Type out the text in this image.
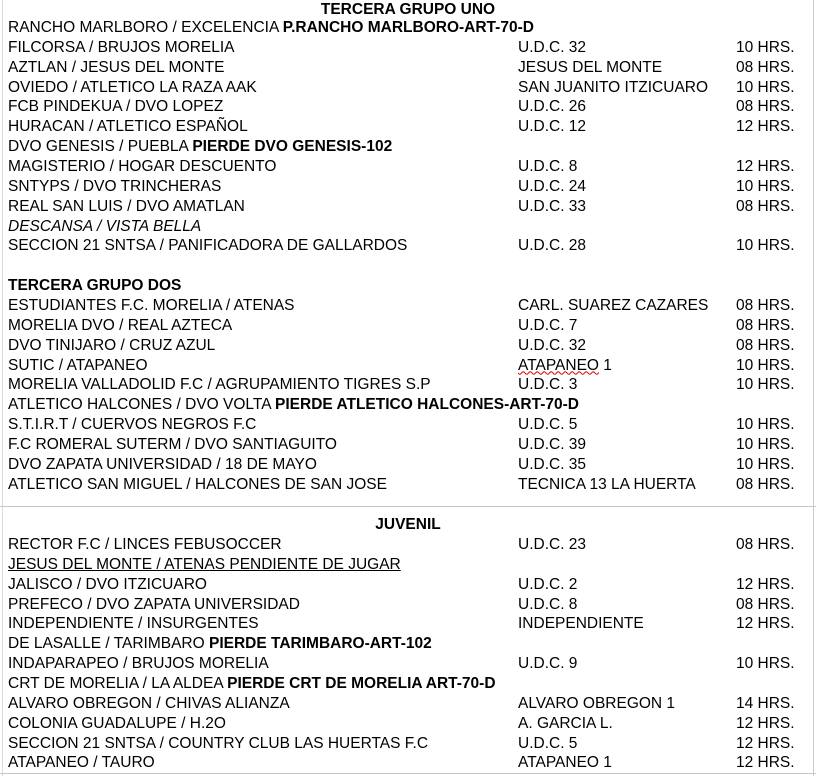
TERCERA GRUPO UNO
RANCHO MARLBORO / EXCELENCIA P.RANCHO MARLBORO-ART-70-D
FILCORSA / BRUJOS MORELIA	U.D.C. 32	10 HRS.
AZTLAN / JESUS DEL MONTE	JESUS DEL MONTE	08 HRS.
OVIEDO / ATLETICO LA RAZA AAK	SAN JUANITO ITZICUARO 10 HRS.
FCB PINDEKUA / DVO LOPEZ	U.D.C. 26	08 HRS.
HURACAN / ATLETICO ESPAÑOL	U.D.C. 12	12 HRS.
DVO GENESIS / PUEBLA PIERDE DVO GENESIS-102
MAGISTERIO / HOGAR DESCUENTO	U.D.C. 8	12 HRS.
SNTYPS / DVO TRINCHERAS	U.D.C. 24	10 HRS.
REAL SAN LUIS / DVO AMATLAN	U.D.C. 33	08 HRS.
DESCANSA / VISTA BELLA
SECCION 21 SNTSA / PANIFICADORA DE GALLARDOS	U.D.C. 28	10 HRS.
TERCERA GRUPO DOS
ESTUDIANTES F.C. MORELIA / ATENAS	CARL. SUAREZ CAZARES 08 HRS.
MORELIA DVO / REAL AZTECA	U.D.C. 7	08 HRS.
DVO TINIJARO / CRUZ AZUL	U.D.C. 32	08 HRS.
SUTIC / ATAPANEO	ATAPANEO 1	10 HRS.
MORELIA VALLADOLID F.C / AGRUPAMIENTO TIGRES S.P	U.D.C. 3	10 HRS.
ATLETICO HALCONES / DVO VOLTA PIERDE ATLETICO HALCONES-ART-70-D
S.T.I.R.T / CUERVOS NEGROS F.C	U.D.C. 5	10 HRS.
F.C ROMERAL SUTERM / DVO SANTIAGUITO	U.D.C. 39	10 HRS.
DVO ZAPATA UNIVERSIDAD / 18 DE MAYO	U.D.C. 35	10 HRS.
ATLETICO SAN MIGUEL / HALCONES DE SAN JOSE	TECNICA 13 LA HUERTA	08 HRS.
JUVENIL
RECTOR F.C / LINCES FEBUSOCCER	U.D.C. 23	08 HRS.
JESUS DEL MONTE / ATENAS PENDIENTE DE JUGAR
JALISCO / DVO ITZICUARO	U.D.C. 2	12 HRS.
PREFECO / DVO ZAPATA UNIVERSIDAD	U.D.C. 8	08 HRS.
INDEPENDIENTE / INSURGENTES	INDEPENDIENTE	12 HRS.
DE LASALLE / TARIMBARO PIERDE TARIMBARO-ART-102
INDAPARAPEO / BRUJOS MORELIA	U.D.C. 9	10 HRS.
CRT DE MORELIA / LA ALDEA PIERDE CRT DE MORELIA ART-70-D
ALVARO OBREGON / CHIVAS ALIANZA	ALVARO OBREGON 1	14 HRS.
COLONIA GUADALUPE / H.2O	A. GARCIA L.	12 HRS.
SECCION 21 SNTSA / COUNTRY CLUB LAS HUERTAS F.C	U.D.C. 5	12 HRS.
ATAPANEO / TAURO	ATAPANEO 1	12 HRS.
